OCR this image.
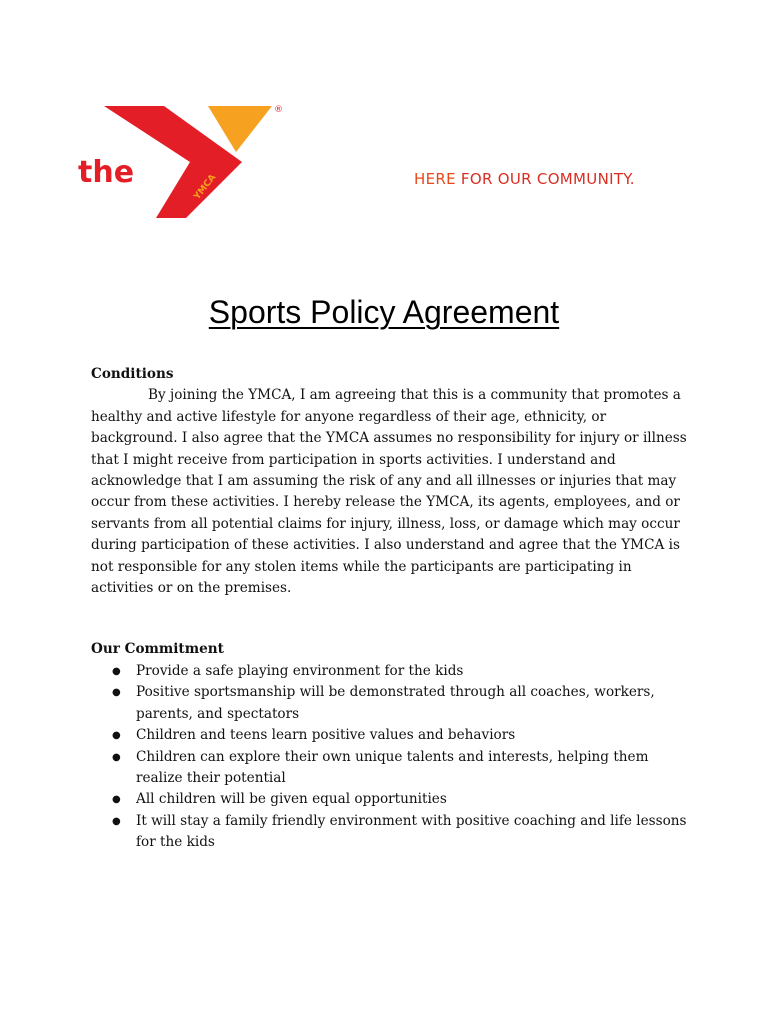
the	YMCA
®
HERE FOR OUR COMMUNITY.
Sports Policy Agreement
Conditions

By joining the YMCA, I am agreeing that this is a community that promotes a healthy and active lifestyle for anyone regardless of their age, ethnicity, or background. I also agree that the YMCA assumes no responsibility for injury or illness that I might receive from participation in sports activities. I understand and acknowledge that I am assuming the risk of any and all illnesses or injuries that may occur from these activities. I hereby release the YMCA, its agents, employees, and or servants from all potential claims for injury, illness, loss, or damage which may occur during participation of these activities. I also understand and agree that the YMCA is not responsible for any stolen items while the participants are participating in activities or on the premises.

Our Commitment
● Provide a safe playing environment for the kids
● Positive sportsmanship will be demonstrated through all coaches, workers, parents, and spectators
● Children and teens learn positive values and behaviors
● Children can explore their own unique talents and interests, helping them realize their potential
● All children will be given equal opportunities
● It will stay a family friendly environment with positive coaching and life lessons for the kids
